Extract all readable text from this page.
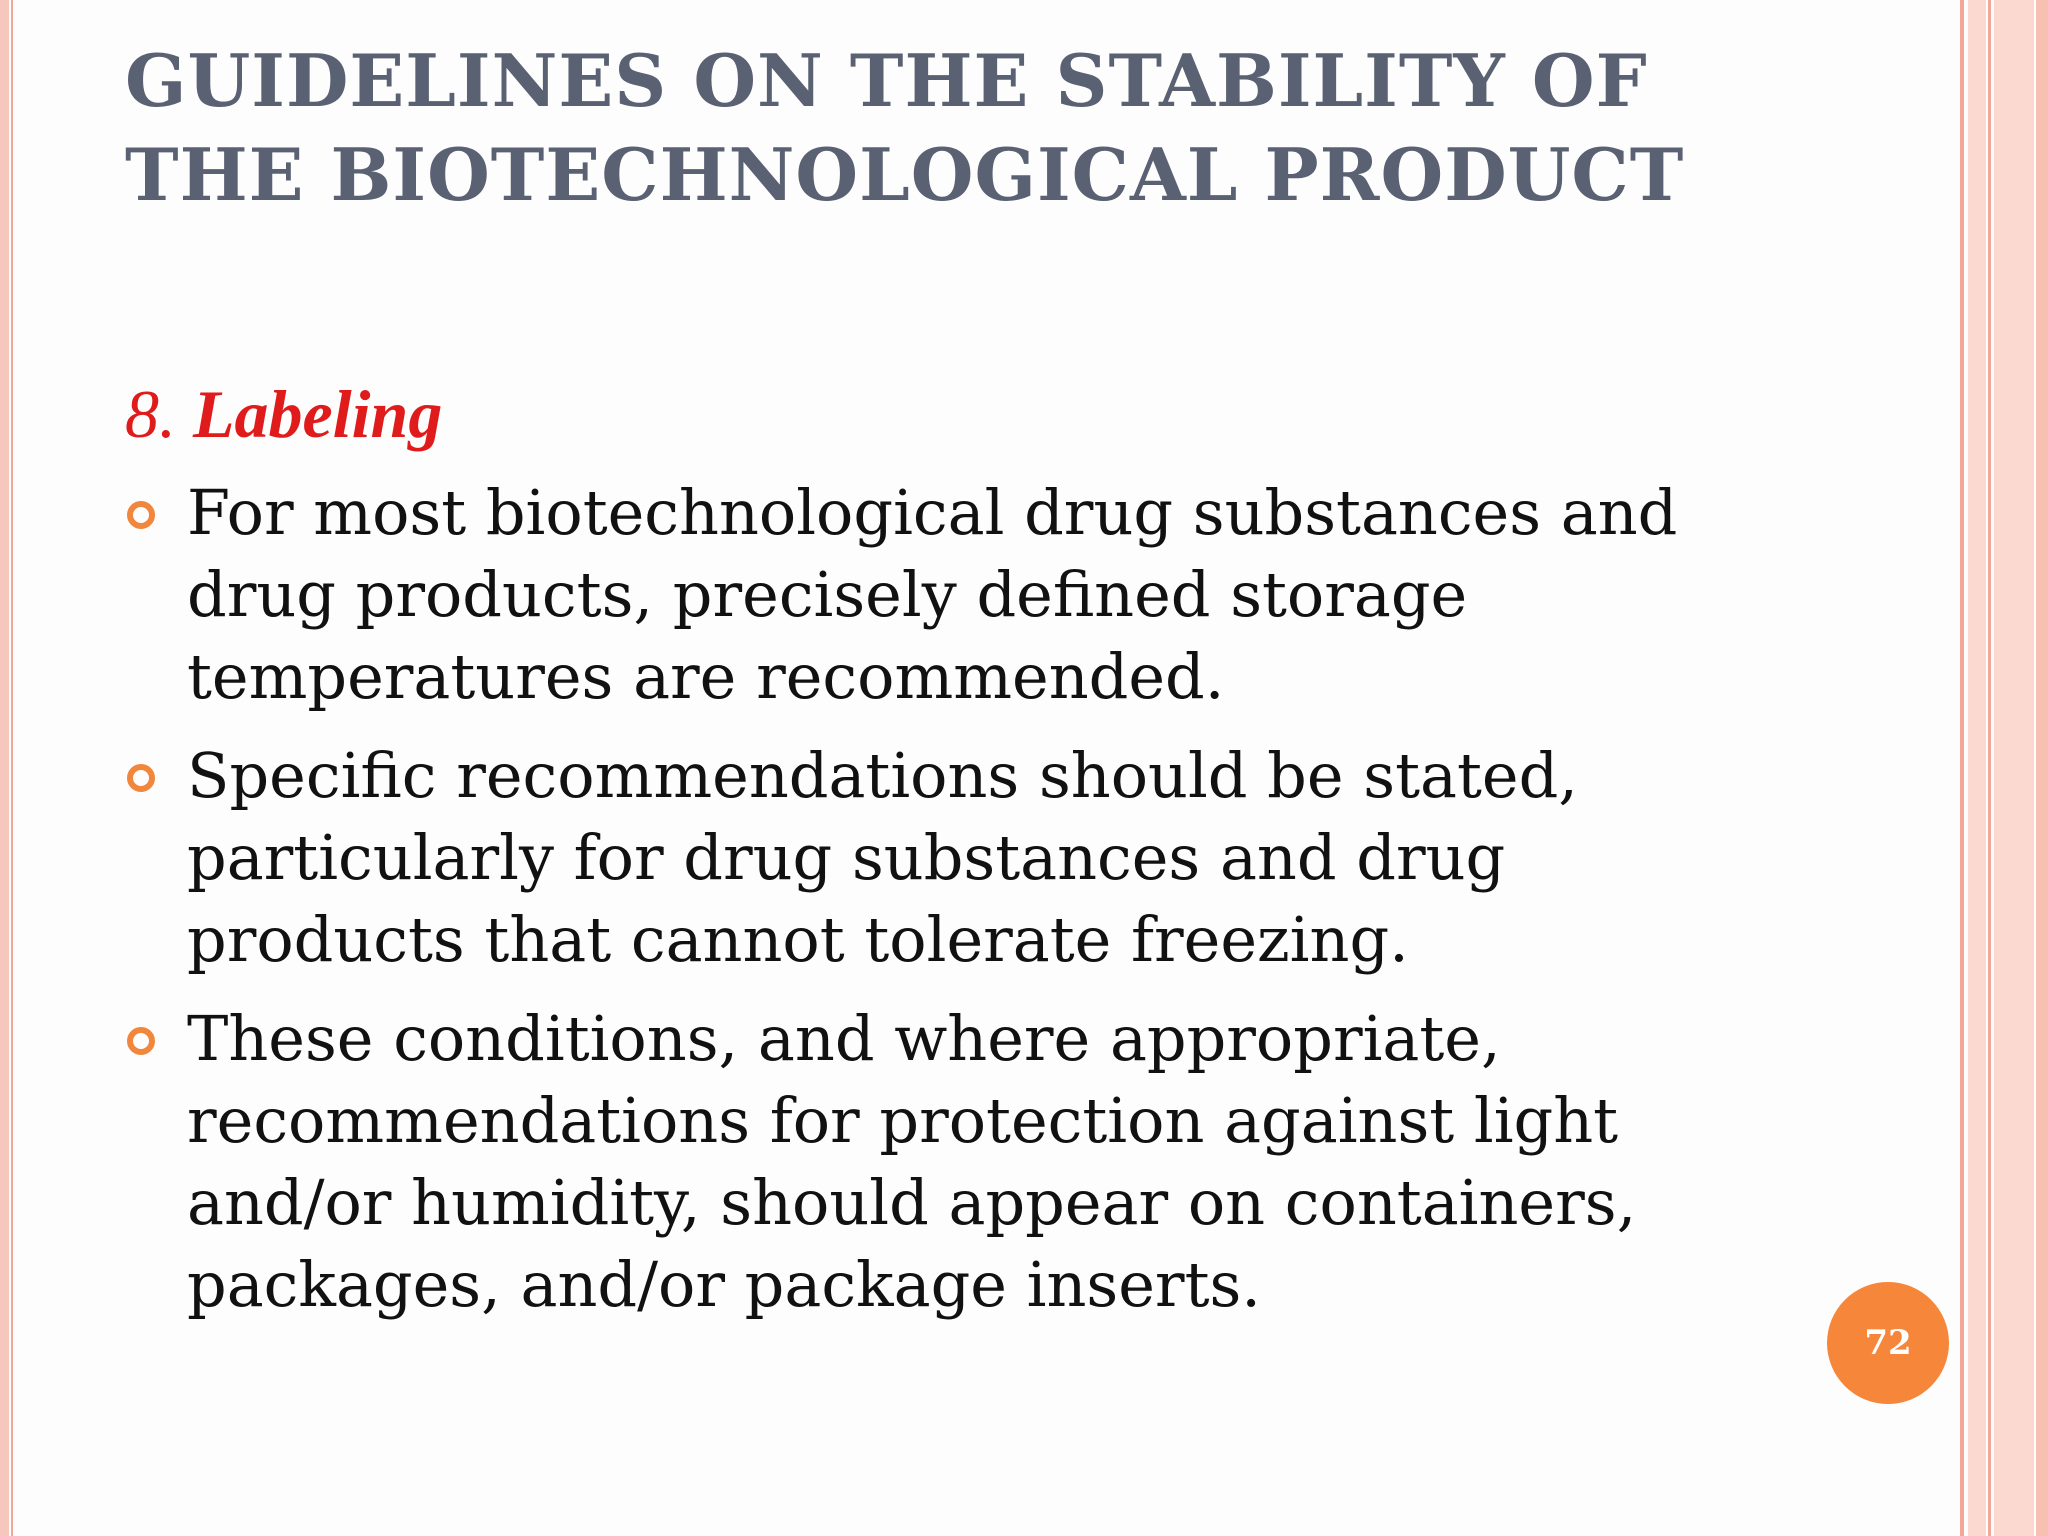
GUIDELINES ON THE STABILITY OF
THE BIOTECHNOLOGICAL PRODUCT
8. Labeling
For most biotechnological drug substances and
drug products, precisely defined storage
temperatures are recommended.
Specific recommendations should be stated,
particularly for drug substances and drug
products that cannot tolerate freezing.
These conditions, and where appropriate,
recommendations for protection against light
and/or humidity, should appear on containers,
packages, and/or package inserts.
72
